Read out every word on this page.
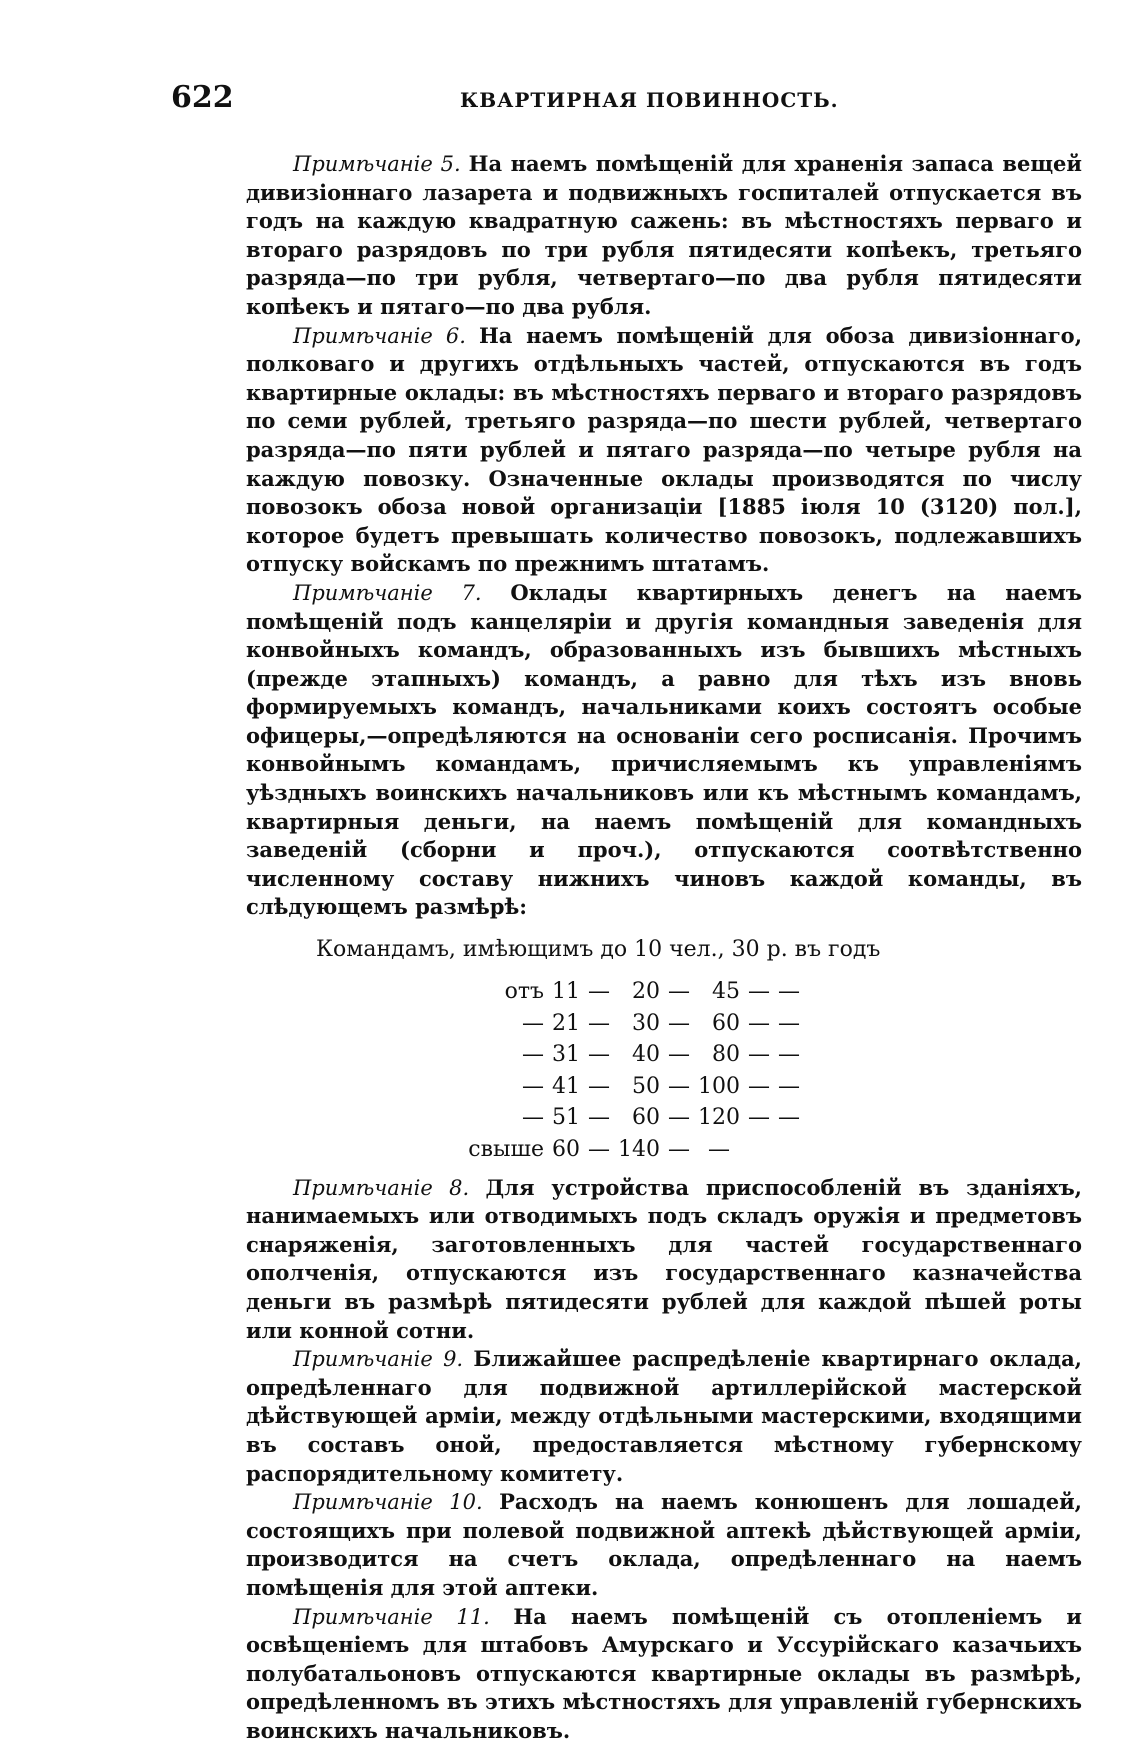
622	КВАРТИРНАЯ ПОВИННОСТЬ.

Примѣчаніе 5. На наемъ помѣщеній для храненія запаса вещей дивизіоннаго лазарета и подвижныхъ госпиталей отпускается въ годъ на каждую квадратную сажень: въ мѣстностяхъ перваго и втораго разрядовъ по три рубля пятидесяти копѣекъ, третьяго разряда—по три рубля, четвертаго—по два рубля пятидесяти копѣекъ и пятаго—по два рубля.

Примѣчаніе 6. На наемъ помѣщеній для обоза дивизіоннаго, полковаго и другихъ отдѣльныхъ частей, отпускаются въ годъ квартирные оклады: въ мѣстностяхъ перваго и втораго разрядовъ по семи рублей, третьяго разряда—по шести рублей, четвертаго разряда—по пяти рублей и пятаго разряда—по четыре рубля на каждую повозку. Означенные оклады производятся по числу повозокъ обоза новой организаціи [1885 іюля 10 (3120) пол.], которое будетъ превышать количество повозокъ, подлежавшихъ отпуску войскамъ по прежнимъ штатамъ.

Примѣчаніе 7. Оклады квартирныхъ денегъ на наемъ помѣщеній подъ канцеляріи и другія командныя заведенія для конвойныхъ командъ, образованныхъ изъ бывшихъ мѣстныхъ (прежде этапныхъ) командъ, а равно для тѣхъ изъ вновь формируемыхъ командъ, начальниками коихъ состоятъ особые офицеры,—опредѣляются на основаніи сего росписанія. Прочимъ конвойнымъ командамъ, причисляемымъ къ управленіямъ уѣздныхъ воинскихъ начальниковъ или къ мѣстнымъ командамъ, квартирныя деньги, на наемъ помѣщеній для командныхъ заведеній (сборни и проч.), отпускаются соотвѣтственно численному составу нижнихъ чиновъ каждой команды, въ слѣдующемъ размѣрѣ:

Командамъ, имѣющимъ до 10 чел., 30 р. въ годъ
отъ	11	—	20	—	45	—	—
—	21	—	30	—	60	—	—
—	31	—	40	—	80	—	—
—	41	—	50	—	100	—	—
—	51	—	60	—	120	—	—
свыше	60	—	140	—	—		

Примѣчаніе 8. Для устройства приспособленій въ зданіяхъ, нанимаемыхъ или отводимыхъ подъ складъ оружія и предметовъ снаряженія, заготовленныхъ для частей государственнаго ополченія, отпускаются изъ государственнаго казначейства деньги въ размѣрѣ пятидесяти рублей для каждой пѣшей роты или конной сотни.

Примѣчаніе 9. Ближайшее распредѣленіе квартирнаго оклада, опредѣленнаго для подвижной артиллерійской мастерской дѣйствующей арміи, между отдѣльными мастерскими, входящими въ составъ оной, предоставляется мѣстному губернскому распорядительному комитету.

Примѣчаніе 10. Расходъ на наемъ конюшенъ для лошадей, состоящихъ при полевой подвижной аптекѣ дѣйствующей арміи, производится на счетъ оклада, опредѣленнаго на наемъ помѣщенія для этой аптеки.

Примѣчаніе 11. На наемъ помѣщеній съ отопленіемъ и освѣщеніемъ для штабовъ Амурскаго и Уссурійскаго казачьихъ полубатальоновъ отпускаются квартирные оклады въ размѣрѣ, опредѣленномъ въ этихъ мѣстностяхъ для управленій губернскихъ воинскихъ начальниковъ.
